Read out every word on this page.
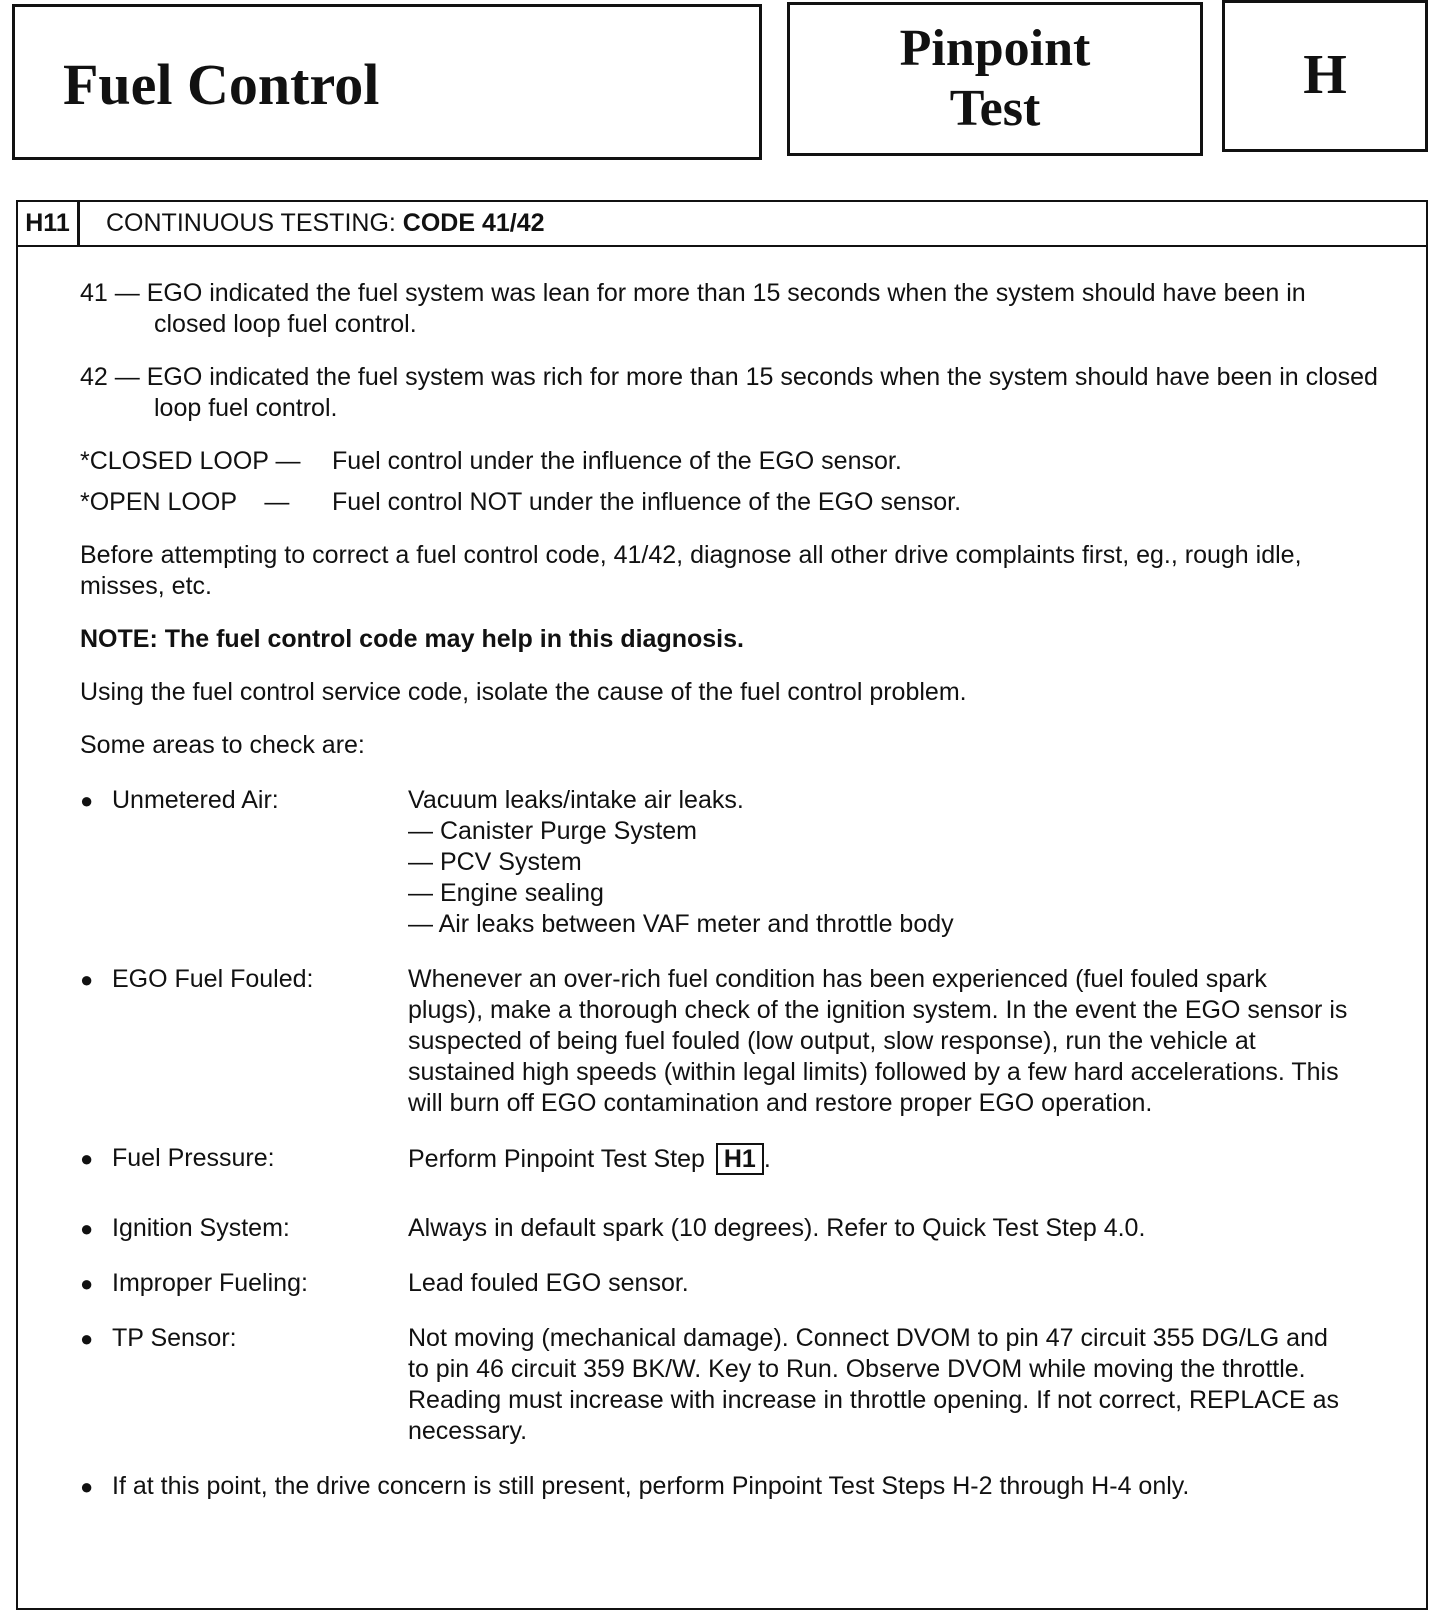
Fuel Control
Pinpoint
Test
H
H11	CONTINUOUS TESTING: CODE 41/42
41 — EGO indicated the fuel system was lean for more than 15 seconds when the system should have been in closed loop fuel control.
42 — EGO indicated the fuel system was rich for more than 15 seconds when the system should have been in closed loop fuel control.
*CLOSED LOOP —	Fuel control under the influence of the EGO sensor.
*OPEN LOOP    —	Fuel control NOT under the influence of the EGO sensor.
Before attempting to correct a fuel control code, 41/42, diagnose all other drive complaints first, eg., rough idle, misses, etc.
NOTE: The fuel control code may help in this diagnosis.
Using the fuel control service code, isolate the cause of the fuel control problem.
Some areas to check are:
● Unmetered Air:	Vacuum leaks/intake air leaks.
— Canister Purge System
— PCV System
— Engine sealing
— Air leaks between VAF meter and throttle body
● EGO Fuel Fouled:	Whenever an over-rich fuel condition has been experienced (fuel fouled spark plugs), make a thorough check of the ignition system. In the event the EGO sensor is suspected of being fuel fouled (low output, slow response), run the vehicle at sustained high speeds (within legal limits) followed by a few hard accelerations. This will burn off EGO contamination and restore proper EGO operation.
● Fuel Pressure:	Perform Pinpoint Test Step H1 .
● Ignition System:	Always in default spark (10 degrees). Refer to Quick Test Step 4.0.
● Improper Fueling:	Lead fouled EGO sensor.
● TP Sensor:	Not moving (mechanical damage). Connect DVOM to pin 47 circuit 355 DG/LG and to pin 46 circuit 359 BK/W. Key to Run. Observe DVOM while moving the throttle. Reading must increase with increase in throttle opening. If not correct, REPLACE as necessary.
● If at this point, the drive concern is still present, perform Pinpoint Test Steps H-2 through H-4 only.
